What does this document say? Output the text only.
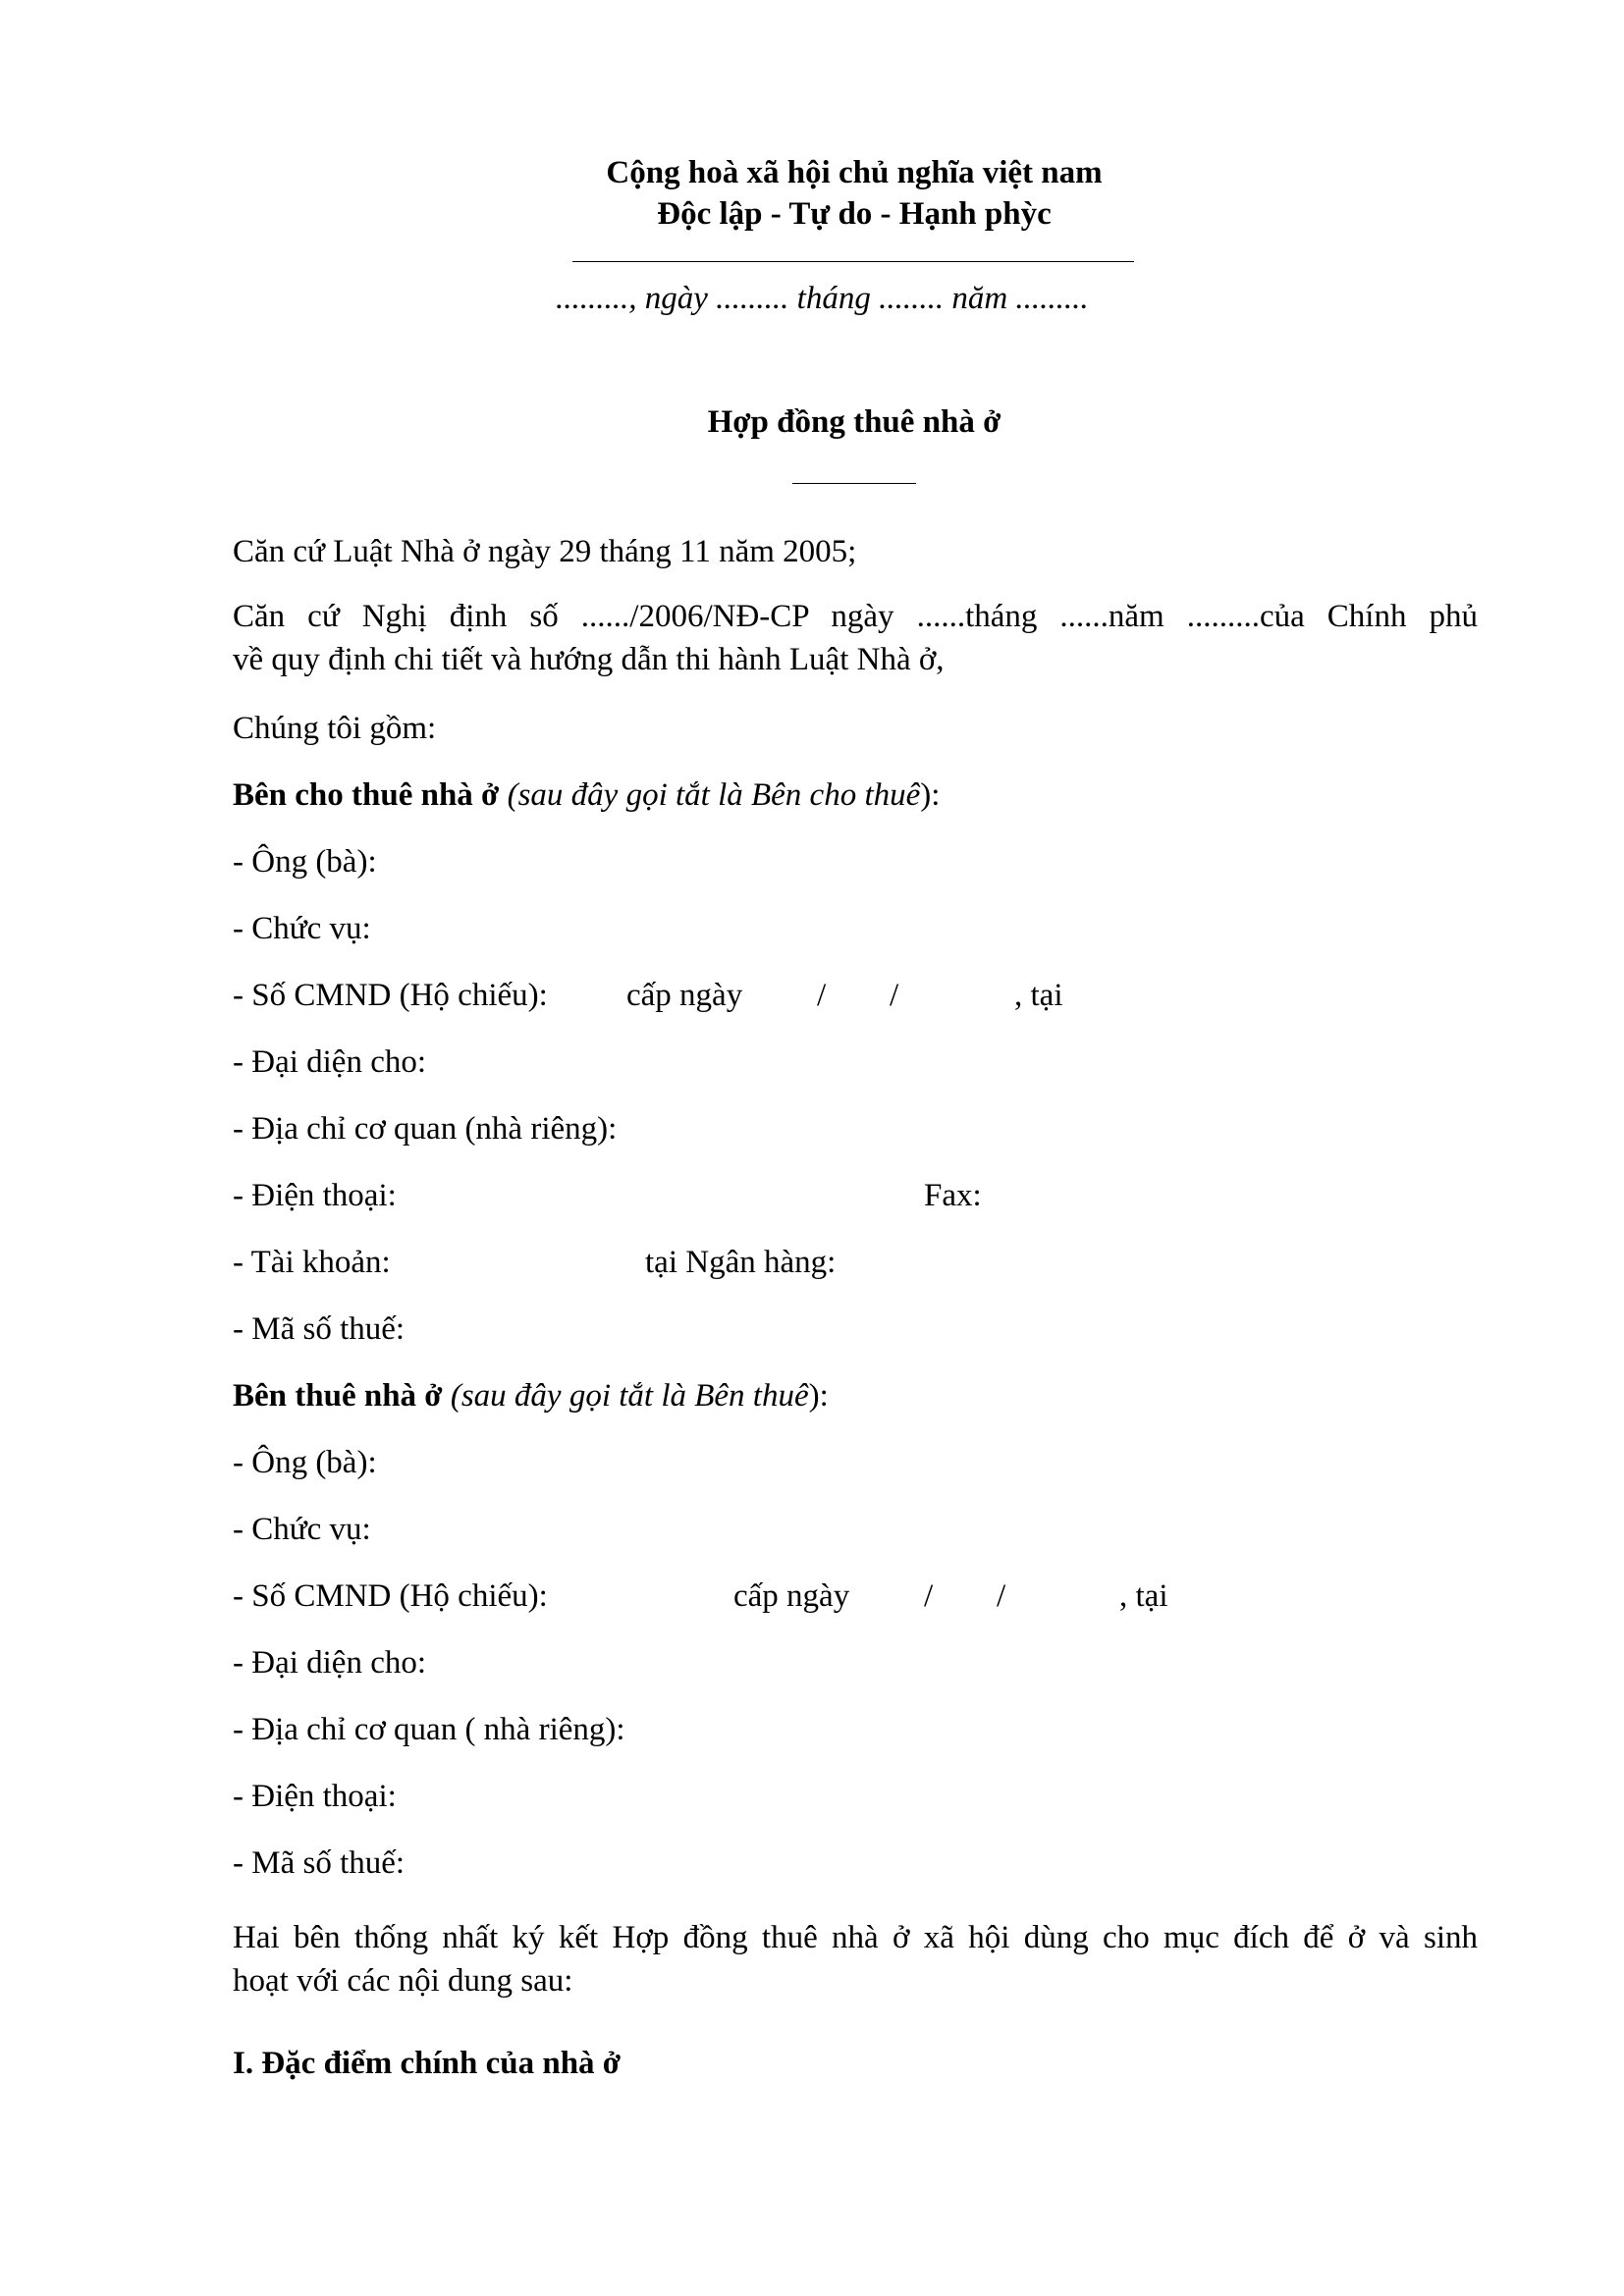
Cộng hoà xã hội chủ nghĩa việt nam
Độc lập - Tự do - Hạnh phỳc
........., ngày ......... tháng ........ năm .........
Hợp đồng thuê nhà ở
Căn cứ Luật Nhà ở ngày 29 tháng 11 năm 2005;
Căn cứ Nghị định số ....../2006/NĐ-CP ngày ......tháng ......năm .........của Chính phủ
về quy định chi tiết và hướng dẫn thi hành Luật Nhà ở,
Chúng tôi gồm:
Bên cho thuê nhà ở (sau đây gọi tắt là Bên cho thuê):
- Ông (bà):
- Chức vụ:
- Số CMND (Hộ chiếu): cấp ngày / /	, tại
- Đại diện cho:
- Địa chỉ cơ quan (nhà riêng):
- Điện thoại:	Fax:
- Tài khoản:	tại Ngân hàng:
- Mã số thuế:
Bên thuê nhà ở (sau đây gọi tắt là Bên thuê):
- Ông (bà):
- Chức vụ:
- Số CMND (Hộ chiếu):	cấp ngày / /	, tại
- Đại diện cho:
- Địa chỉ cơ quan ( nhà riêng):
- Điện thoại:
- Mã số thuế:
Hai bên thống nhất ký kết Hợp đồng thuê nhà ở xã hội dùng cho mục đích để ở và sinh
hoạt với các nội dung sau:
I. Đặc điểm chính của nhà ở
